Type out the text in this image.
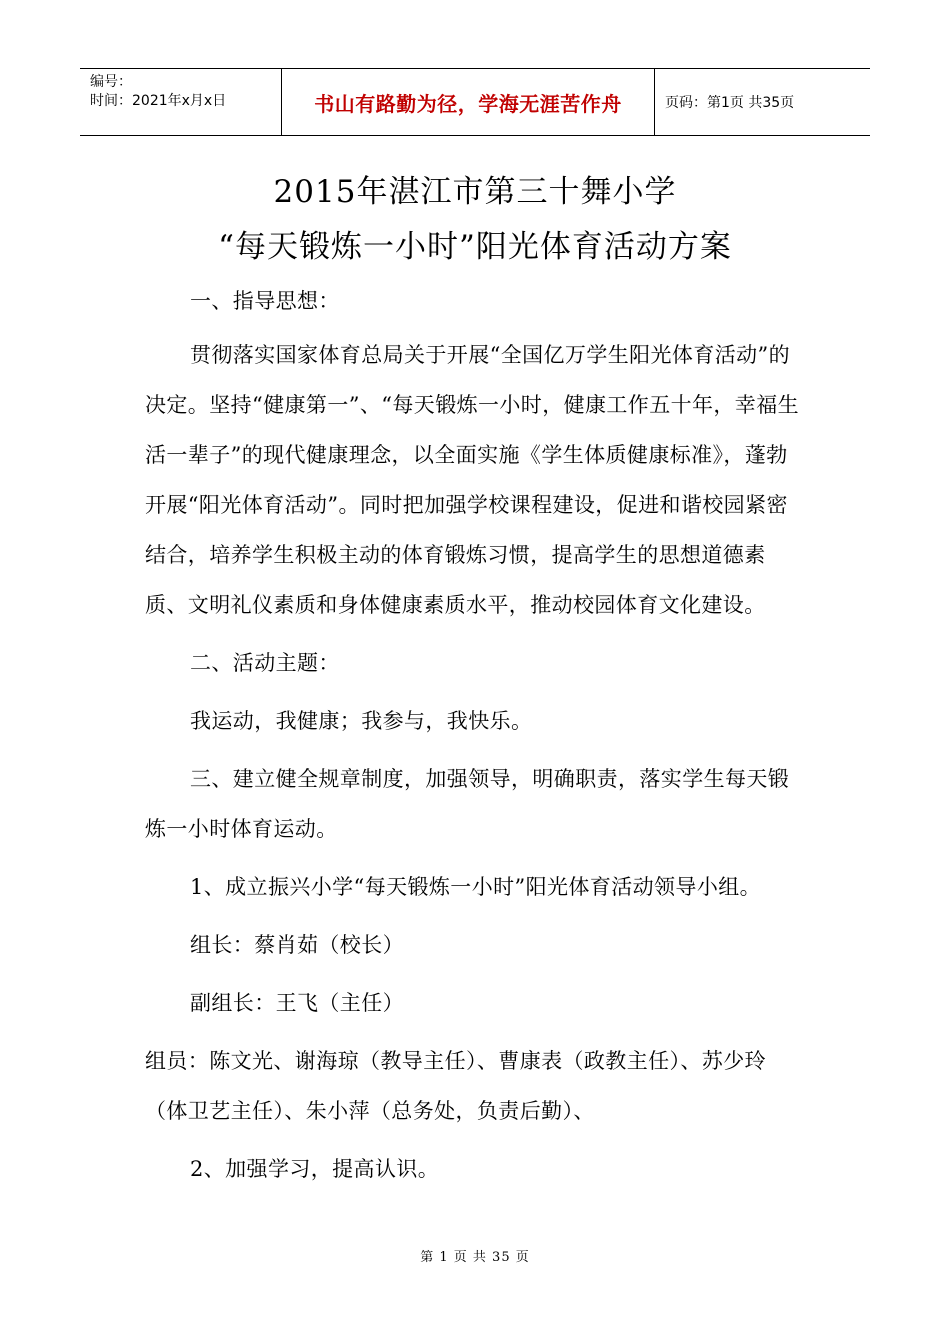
编号：
时间：2021年x月x日	书山有路勤为径，学海无涯苦作舟	页码：第1页 共35页
2015年湛江市第三十舞小学
“每天锻炼一小时”阳光体育活动方案

一、指导思想：

贯彻落实国家体育总局关于开展“全国亿万学生阳光体育活动”的决定。坚持“健康第一”、“每天锻炼一小时，健康工作五十年，幸福生活一辈子”的现代健康理念，以全面实施《学生体质健康标准》，蓬勃开展“阳光体育活动”。同时把加强学校课程建设，促进和谐校园紧密结合，培养学生积极主动的体育锻炼习惯，提高学生的思想道德素质、文明礼仪素质和身体健康素质水平，推动校园体育文化建设。

二、活动主题：

我运动，我健康；我参与，我快乐。

三、建立健全规章制度，加强领导，明确职责，落实学生每天锻炼一小时体育运动。

1、成立振兴小学“每天锻炼一小时”阳光体育活动领导小组。

组长：蔡肖茹（校长）

副组长：王飞（主任）

组员：陈文光、谢海琼（教导主任）、曹康表（政教主任）、苏少玲（体卫艺主任）、朱小萍（总务处，负责后勤）、

2、加强学习，提高认识。

第 1 页 共 35 页
